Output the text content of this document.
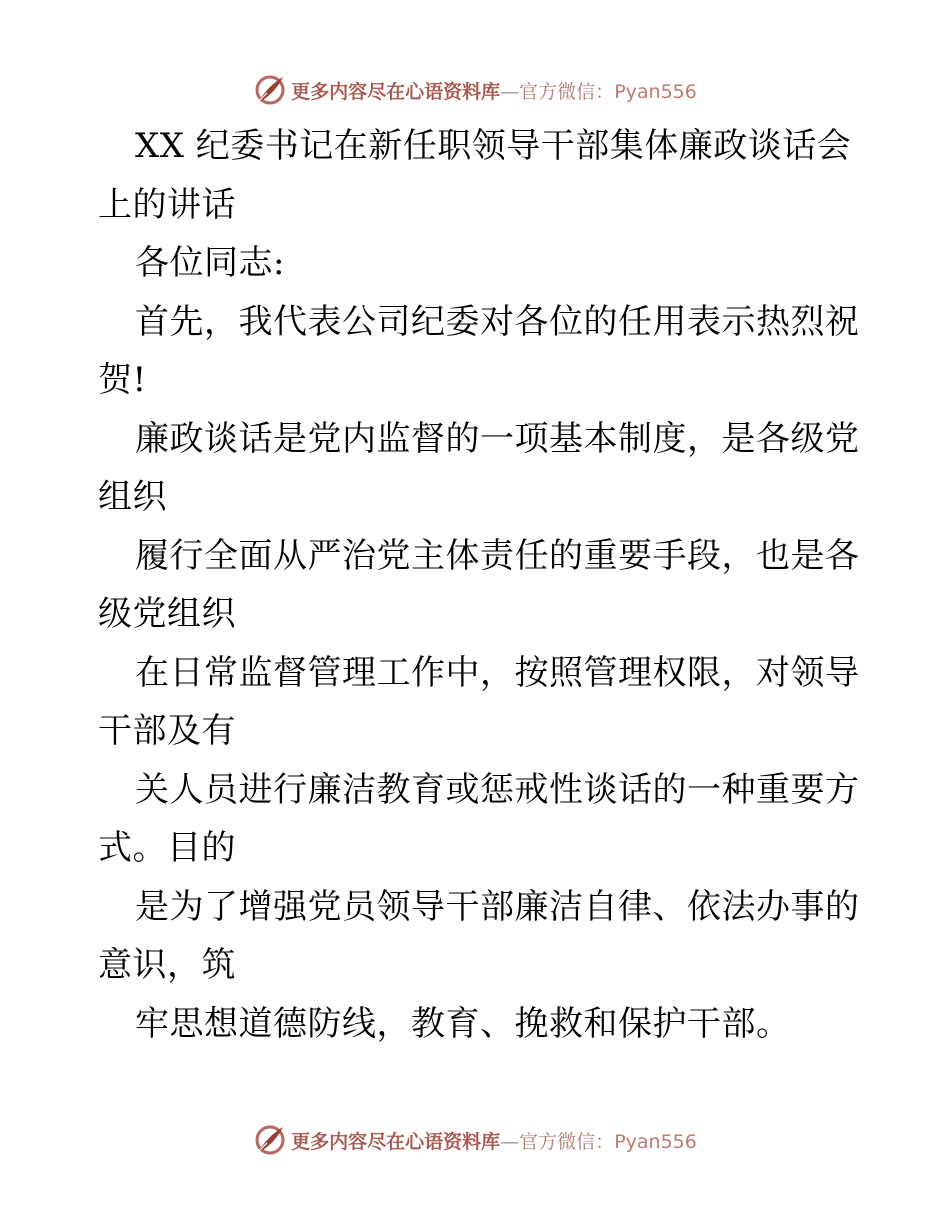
更多内容尽在心语资料库—官方微信：Pyan556
XX 纪委书记在新任职领导干部集体廉政谈话会
上的讲话
各位同志:
首先，我代表公司纪委对各位的任用表示热烈祝
贺!
廉政谈话是党内监督的一项基本制度，是各级党
组织
履行全面从严治党主体责任的重要手段，也是各
级党组织
在日常监督管理工作中，按照管理权限，对领导
干部及有
关人员进行廉洁教育或惩戒性谈话的一种重要方
式。目的
是为了增强党员领导干部廉洁自律、依法办事的
意识，筑
牢思想道德防线，教育、挽救和保护干部。
更多内容尽在心语资料库—官方微信：Pyan556
